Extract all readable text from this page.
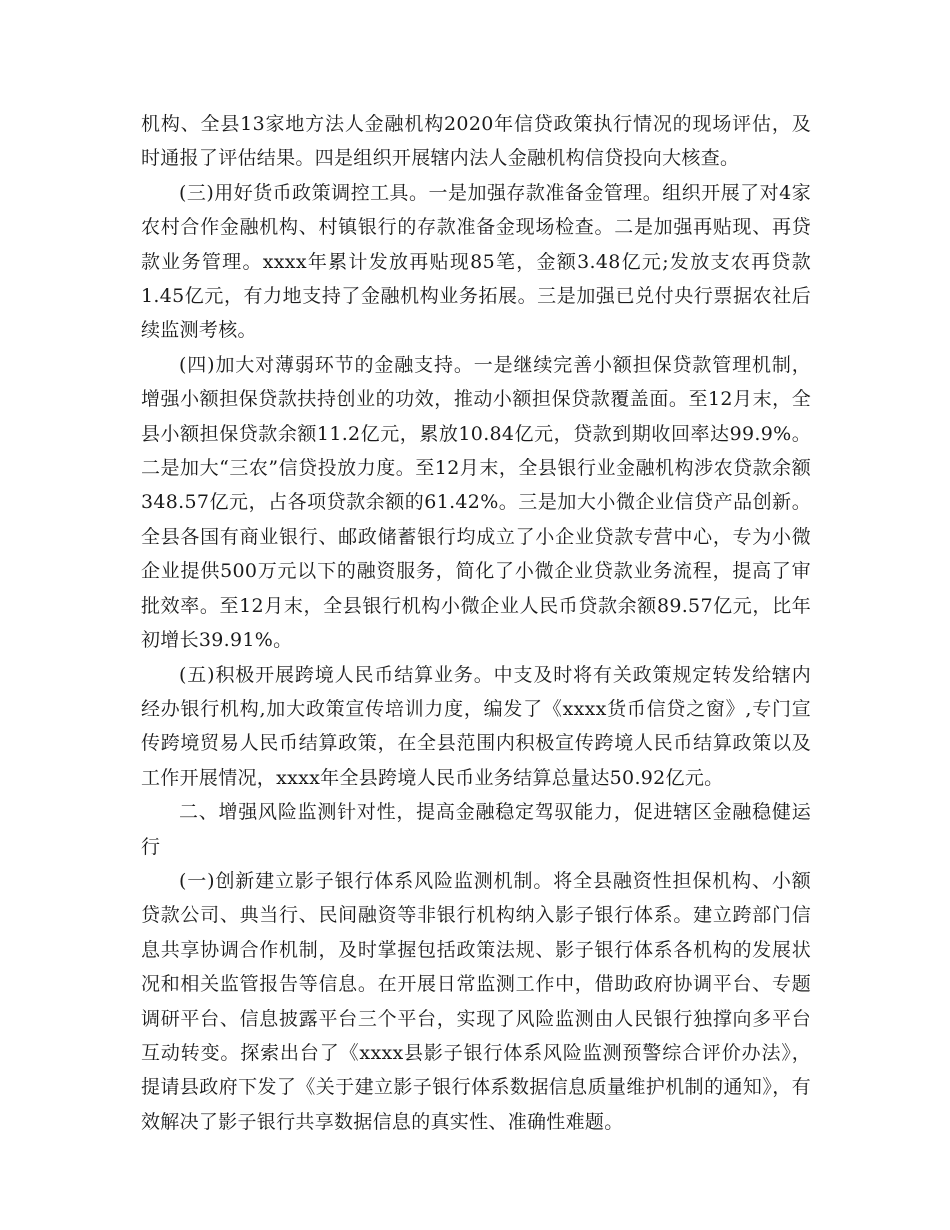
机构、全县13家地方法人金融机构2020年信贷政策执行情况的现场评估，及时通报了评估结果。四是组织开展辖内法人金融机构信贷投向大核查。

(三)用好货币政策调控工具。一是加强存款准备金管理。组织开展了对4家农村合作金融机构、村镇银行的存款准备金现场检查。二是加强再贴现、再贷款业务管理。xxxx年累计发放再贴现85笔，金额3.48亿元;发放支农再贷款1.45亿元，有力地支持了金融机构业务拓展。三是加强已兑付央行票据农社后续监测考核。

(四)加大对薄弱环节的金融支持。一是继续完善小额担保贷款管理机制，增强小额担保贷款扶持创业的功效，推动小额担保贷款覆盖面。至12月末，全县小额担保贷款余额11.2亿元，累放10.84亿元，贷款到期收回率达99.9%。二是加大“三农”信贷投放力度。至12月末，全县银行业金融机构涉农贷款余额348.57亿元，占各项贷款余额的61.42%。三是加大小微企业信贷产品创新。全县各国有商业银行、邮政储蓄银行均成立了小企业贷款专营中心，专为小微企业提供500万元以下的融资服务，简化了小微企业贷款业务流程，提高了审批效率。至12月末，全县银行机构小微企业人民币贷款余额89.57亿元，比年初增长39.91%。

(五)积极开展跨境人民币结算业务。中支及时将有关政策规定转发给辖内经办银行机构,加大政策宣传培训力度，编发了《xxxx货币信贷之窗》,专门宣传跨境贸易人民币结算政策，在全县范围内积极宣传跨境人民币结算政策以及工作开展情况，xxxx年全县跨境人民币业务结算总量达50.92亿元。

二、增强风险监测针对性，提高金融稳定驾驭能力，促进辖区金融稳健运行

(一)创新建立影子银行体系风险监测机制。将全县融资性担保机构、小额贷款公司、典当行、民间融资等非银行机构纳入影子银行体系。建立跨部门信息共享协调合作机制，及时掌握包括政策法规、影子银行体系各机构的发展状况和相关监管报告等信息。在开展日常监测工作中，借助政府协调平台、专题调研平台、信息披露平台三个平台，实现了风险监测由人民银行独撑向多平台互动转变。探索出台了《xxxx县影子银行体系风险监测预警综合评价办法》，提请县政府下发了《关于建立影子银行体系数据信息质量维护机制的通知》，有效解决了影子银行共享数据信息的真实性、准确性难题。
